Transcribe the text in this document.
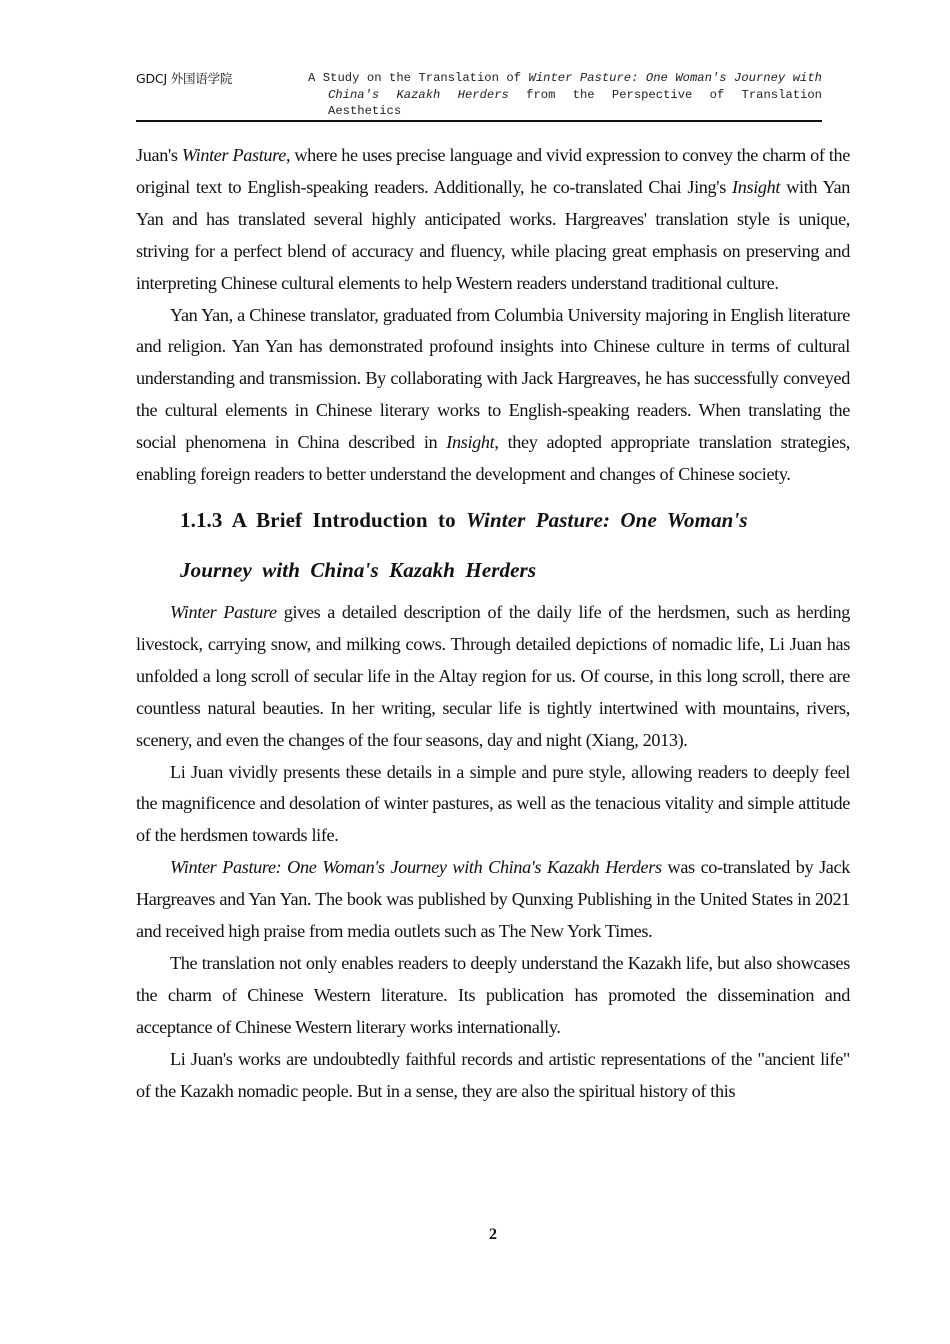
GDCJ 外国语学院	A Study on the Translation of Winter Pasture: One Woman's Journey with China's Kazakh Herders from the Perspective of Translation Aesthetics

Juan's Winter Pasture, where he uses precise language and vivid expression to convey the charm of the original text to English-speaking readers. Additionally, he co-translated Chai Jing's Insight with Yan Yan and has translated several highly anticipated works. Hargreaves' translation style is unique, striving for a perfect blend of accuracy and fluency, while placing great emphasis on preserving and interpreting Chinese cultural elements to help Western readers understand traditional culture.

Yan Yan, a Chinese translator, graduated from Columbia University majoring in English literature and religion. Yan Yan has demonstrated profound insights into Chinese culture in terms of cultural understanding and transmission. By collaborating with Jack Hargreaves, he has successfully conveyed the cultural elements in Chinese literary works to English-speaking readers. When translating the social phenomena in China described in Insight, they adopted appropriate translation strategies, enabling foreign readers to better understand the development and changes of Chinese society.

1.1.3 A Brief Introduction to Winter Pasture: One Woman's
Journey with China's Kazakh Herders

Winter Pasture gives a detailed description of the daily life of the herdsmen, such as herding livestock, carrying snow, and milking cows. Through detailed depictions of nomadic life, Li Juan has unfolded a long scroll of secular life in the Altay region for us. Of course, in this long scroll, there are countless natural beauties. In her writing, secular life is tightly intertwined with mountains, rivers, scenery, and even the changes of the four seasons, day and night (Xiang, 2013).

Li Juan vividly presents these details in a simple and pure style, allowing readers to deeply feel the magnificence and desolation of winter pastures, as well as the tenacious vitality and simple attitude of the herdsmen towards life.

Winter Pasture: One Woman's Journey with China's Kazakh Herders was co-translated by Jack Hargreaves and Yan Yan. The book was published by Qunxing Publishing in the United States in 2021 and received high praise from media outlets such as The New York Times.

The translation not only enables readers to deeply understand the Kazakh life, but also showcases the charm of Chinese Western literature. Its publication has promoted the dissemination and acceptance of Chinese Western literary works internationally.

Li Juan's works are undoubtedly faithful records and artistic representations of the "ancient life" of the Kazakh nomadic people. But in a sense, they are also the spiritual history of this

2
